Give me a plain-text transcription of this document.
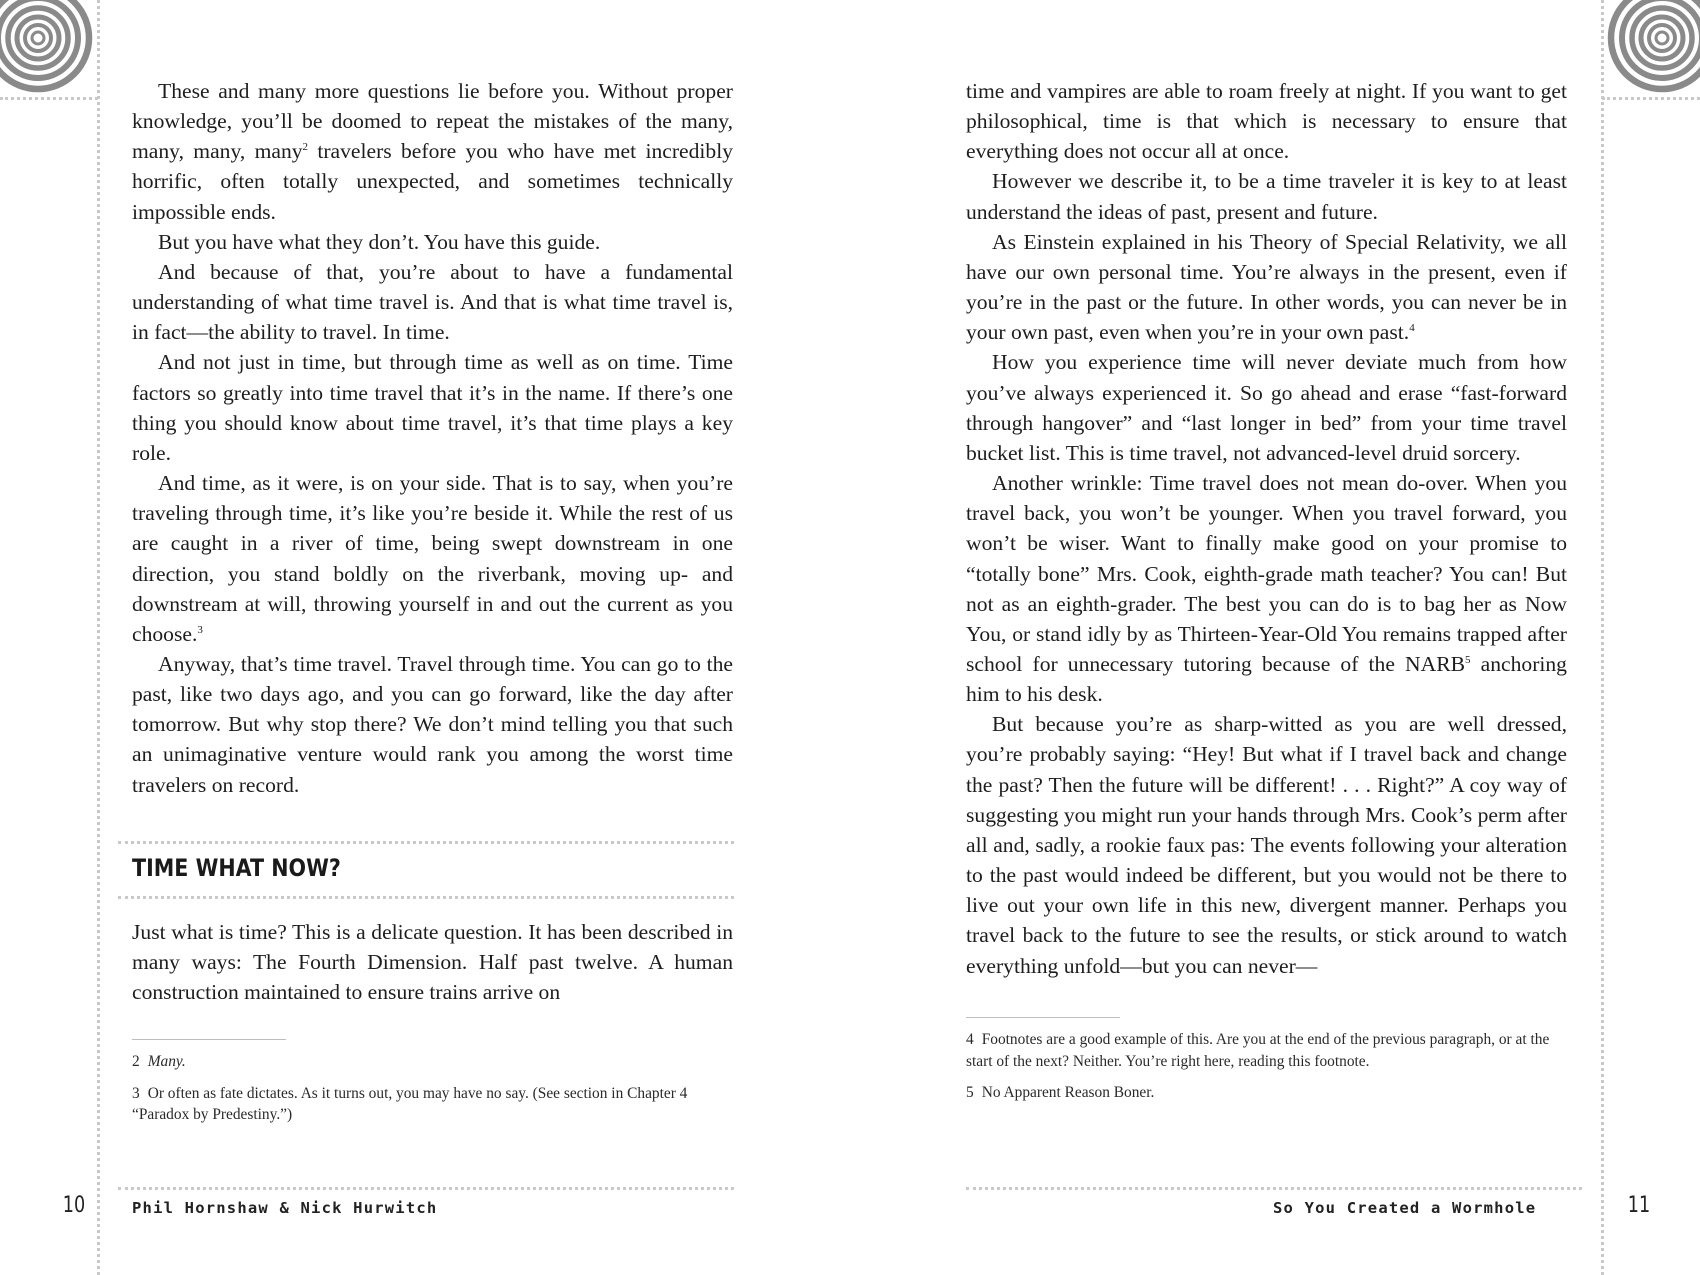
These and many more questions lie before you. Without proper knowledge, you’ll be doomed to repeat the mistakes of the many, many, many, many$^2$ travelers before you who have met incredibly horrific, often totally unexpected, and sometimes technically impossible ends.

But you have what they don’t. You have this guide.

And because of that, you’re about to have a fundamental understanding of what time travel is. And that is what time travel is, in fact—the ability to travel. In time.

And not just in time, but through time as well as on time. Time factors so greatly into time travel that it’s in the name. If there’s one thing you should know about time travel, it’s that time plays a key role.

And time, as it were, is on your side. That is to say, when you’re traveling through time, it’s like you’re beside it. While the rest of us are caught in a river of time, being swept downstream in one direction, you stand boldly on the riverbank, moving up- and downstream at will, throwing yourself in and out the current as you choose.$^3$

Anyway, that’s time travel. Travel through time. You can go to the past, like two days ago, and you can go forward, like the day after tomorrow. But why stop there? We don’t mind telling you that such an unimaginative venture would rank you among the worst time travelers on record.

TIME WHAT NOW?

Just what is time? This is a delicate question. It has been described in many ways: The Fourth Dimension. Half past twelve. A human construction maintained to ensure trains arrive on

2 Many.
3 Or often as fate dictates. As it turns out, you may have no say. (See section in Chapter 4 “Paradox by Predestiny.”)
10	Phil Hornshaw & Nick Hurwitch

time and vampires are able to roam freely at night. If you want to get philosophical, time is that which is necessary to ensure that everything does not occur all at once.

However we describe it, to be a time traveler it is key to at least understand the ideas of past, present and future.

As Einstein explained in his Theory of Special Relativity, we all have our own personal time. You’re always in the present, even if you’re in the past or the future. In other words, you can never be in your own past, even when you’re in your own past.$^4$

How you experience time will never deviate much from how you’ve always experienced it. So go ahead and erase “fast-forward through hangover” and “last longer in bed” from your time travel bucket list. This is time travel, not advanced-level druid sorcery.

Another wrinkle: Time travel does not mean do-over. When you travel back, you won’t be younger. When you travel forward, you won’t be wiser. Want to finally make good on your promise to “totally bone” Mrs. Cook, eighth-grade math teacher? You can! But not as an eighth-grader. The best you can do is to bag her as Now You, or stand idly by as Thirteen-Year-Old You remains trapped after school for unnecessary tutoring because of the NARB$^5$ anchoring him to his desk.

But because you’re as sharp-witted as you are well dressed, you’re probably saying: “Hey! But what if I travel back and change the past? Then the future will be different! . . . Right?” A coy way of suggesting you might run your hands through Mrs. Cook’s perm after all and, sadly, a rookie faux pas: The events following your alteration to the past would indeed be different, but you would not be there to live out your own life in this new, divergent manner. Perhaps you travel back to the future to see the results, or stick around to watch everything unfold—but you can never—

4 Footnotes are a good example of this. Are you at the end of the previous paragraph, or at the start of the next? Neither. You’re right here, reading this footnote.
5 No Apparent Reason Boner.
So You Created a Wormhole	11
